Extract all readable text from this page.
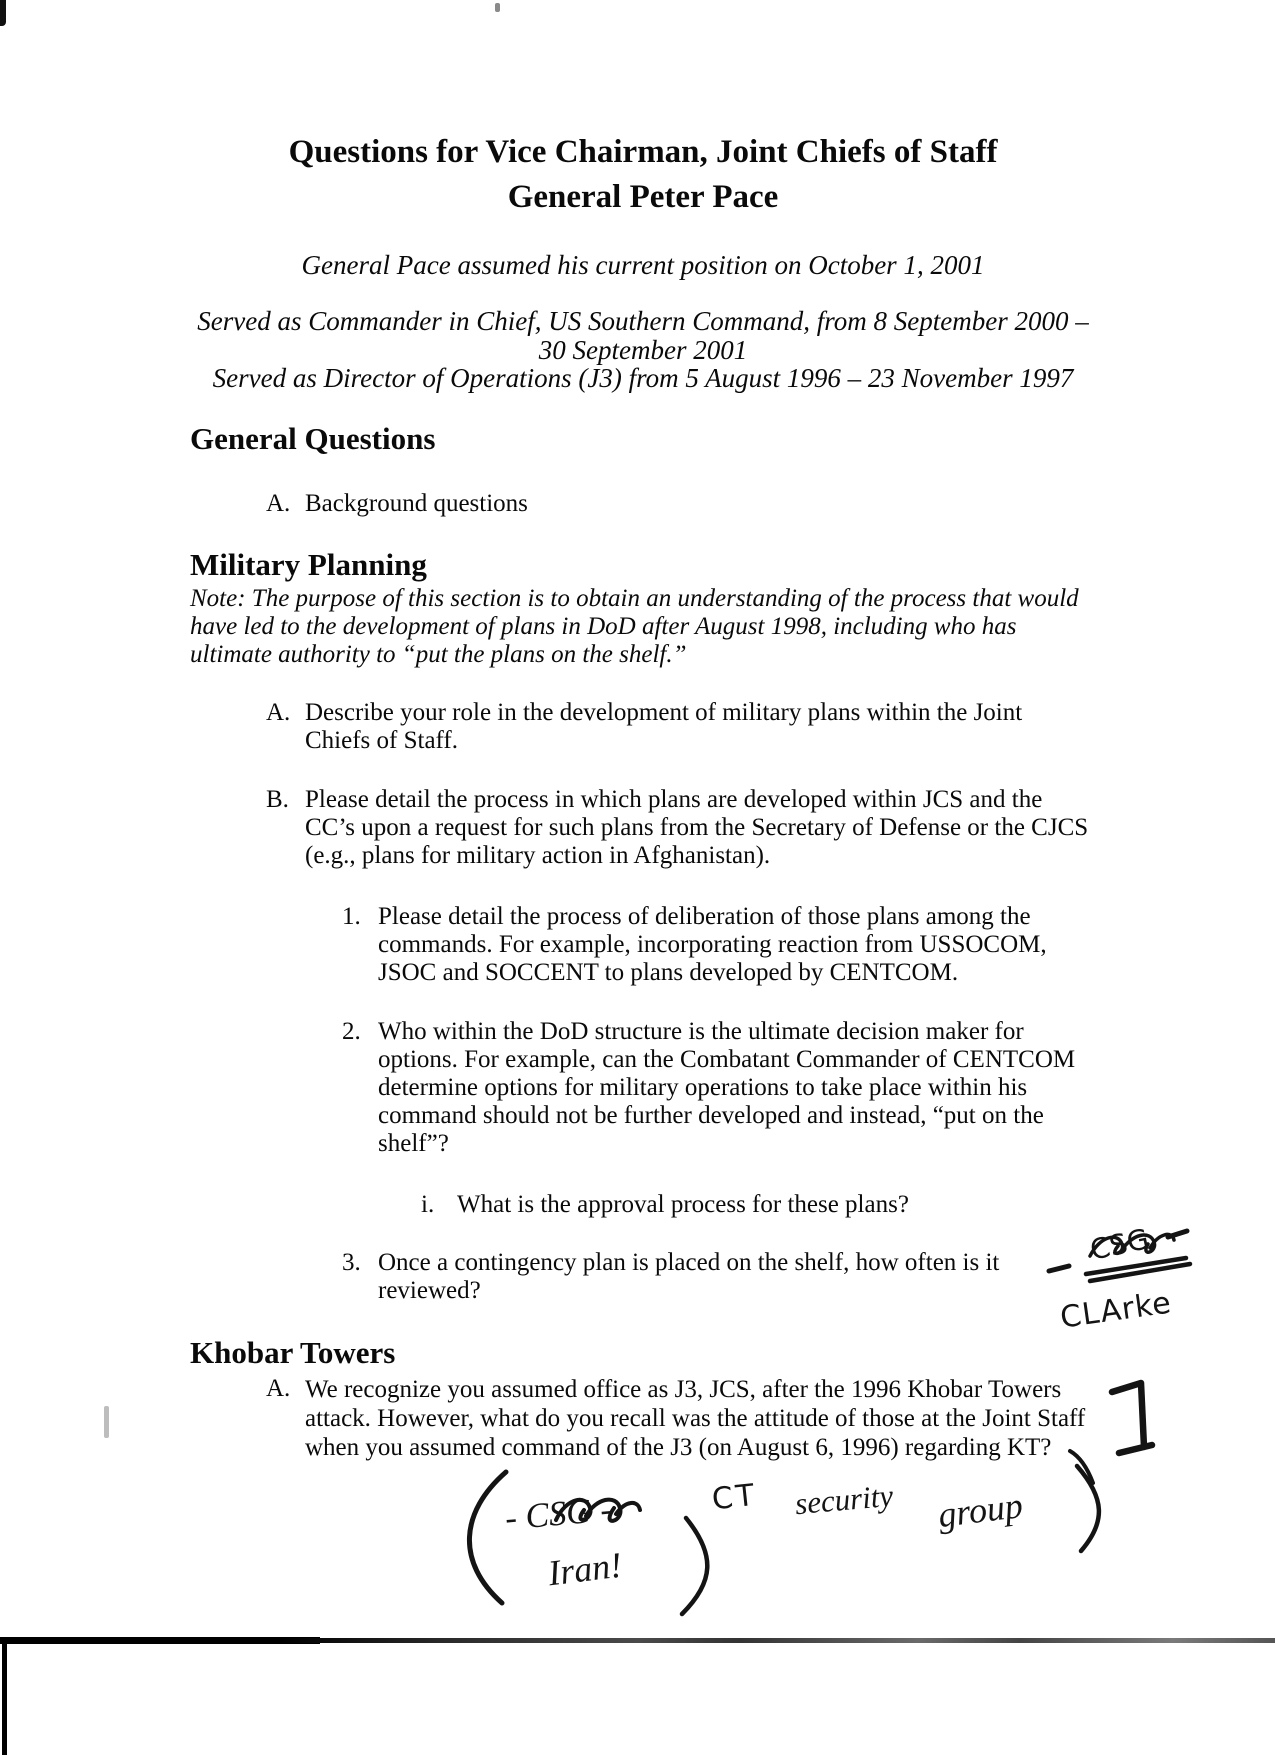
Questions for Vice Chairman, Joint Chiefs of Staff
General Peter Pace
General Pace assumed his current position on October 1, 2001
Served as Commander in Chief, US Southern Command, from 8 September 2000 –
30 September 2001
Served as Director of Operations (J3) from 5 August 1996 – 23 November 1997
General Questions
A. Background questions
Military Planning
Note: The purpose of this section is to obtain an understanding of the process that would
have led to the development of plans in DoD after August 1998, including who has
ultimate authority to “put the plans on the shelf.”
A. Describe your role in the development of military plans within the Joint
Chiefs of Staff.
B. Please detail the process in which plans are developed within JCS and the
CC’s upon a request for such plans from the Secretary of Defense or the CJCS
(e.g., plans for military action in Afghanistan).
1. Please detail the process of deliberation of those plans among the
commands. For example, incorporating reaction from USSOCOM,
JSOC and SOCCENT to plans developed by CENTCOM.
2. Who within the DoD structure is the ultimate decision maker for
options. For example, can the Combatant Commander of CENTCOM
determine options for military operations to take place within his
command should not be further developed and instead, “put on the
shelf”?
i. What is the approval process for these plans?
3. Once a contingency plan is placed on the shelf, how often is it
reviewed?
Khobar Towers
A. We recognize you assumed office as J3, JCS, after the 1996 Khobar Towers
attack. However, what do you recall was the attitude of those at the Joint Staff
when you assumed command of the J3 (on August 6, 1996) regarding KT?
CSG
CLArke
- CSG -
Iran!
CT security group
